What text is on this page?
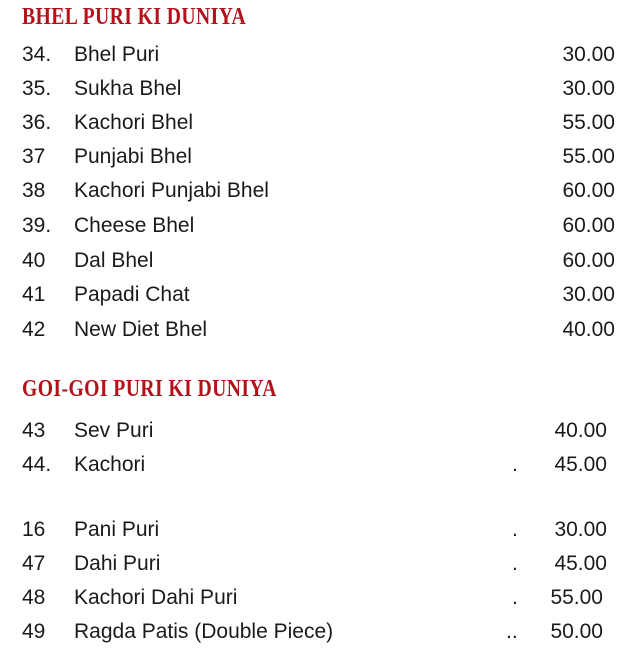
BHEL PURI KI DUNIYA
34. Bhel Puri	30.00
35. Sukha Bhel	30.00
36. Kachori Bhel	55.00
37 Punjabi Bhel	55.00
38 Kachori Punjabi Bhel	60.00
39. Cheese Bhel	60.00
40 Dal Bhel	60.00
41 Papadi Chat	30.00
42 New Diet Bhel	40.00
GOI-GOI PURI KI DUNIYA
43 Sev Puri	40.00
44. Kachori	. 45.00
16 Pani Puri	. 30.00
47 Dahi Puri	. 45.00
48 Kachori Dahi Puri	. 55.00
49 Ragda Patis (Double Piece)	.. 50.00
